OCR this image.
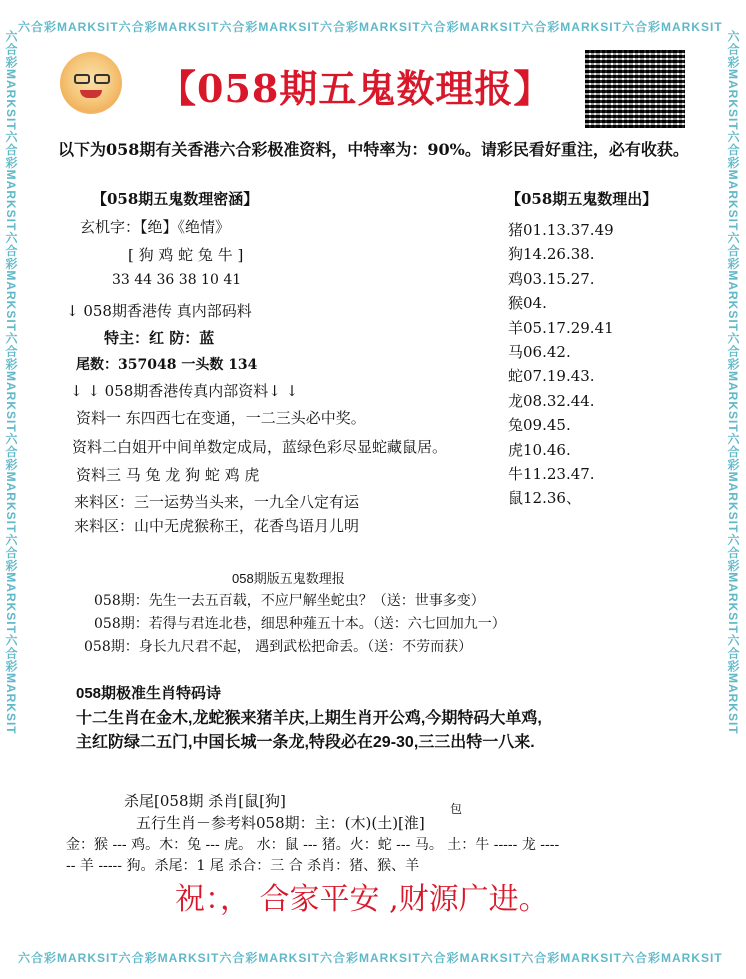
六合彩MARKSIT六合彩MARKSIT六合彩MARKSIT六合彩MARKSIT六合彩MARKSIT六合彩MARKSIT六合彩MARKSIT
六合彩MARKSIT六合彩MARKSIT六合彩MARKSIT六合彩MARKSIT六合彩MARKSIT六合彩MARKSIT六合彩MARKSIT
六合彩MARKSIT六合彩MARKSIT六合彩MARKSIT六合彩MARKSIT六合彩MARKSIT六合彩MARKSIT六合彩MARKSIT	六合彩MARKSIT六合彩MARKSIT六合彩MARKSIT六合彩MARKSIT六合彩MARKSIT六合彩MARKSIT六合彩MARKSIT
【058期五鬼数理报】
以下为058期有关香港六合彩极准资料，中特率为：90%。请彩民看好重注，必有收获。
【058期五鬼数理密涵】
玄机字：【绝】《绝情》
[ 狗 鸡 蛇 兔 牛 ]
33 44 36 38 10 41
↓ 058期香港传 真内部码料
特主：红 防：蓝
尾数：357048 一头数 134
↓ ↓ 058期香港传真内部资料↓ ↓
资料一 东四西七在变通，一二三头必中奖。
资料二白姐开中间单数定成局，蓝绿色彩尽显蛇藏鼠居。
资料三 马 兔 龙 狗 蛇 鸡 虎
来料区：三一运势当头来，一九全八定有运
来料区：山中无虎猴称王，花香鸟语月儿明
【058期五鬼数理出】
猪01.13.37.49
狗14.26.38.
鸡03.15.27.
猴04.
羊05.17.29.41
马06.42.
蛇07.19.43.
龙08.32.44.
兔09.45.
虎10.46.
牛11.23.47.
鼠12.36、
058期版五鬼数理报
058期：先生一去五百载，不应尸解坐蛇虫？（送：世事多变）
058期：若得与君连北巷，细思种薤五十本。（送：六七回加九一）
058期：身长九尺君不起， 遇到武松把命丢。（送：不劳而获）
058期极准生肖特码诗
十二生肖在金木,龙蛇猴来猪羊庆,上期生肖开公鸡,今期特码大单鸡,
主红防绿二五门,中国长城一条龙,特段必在29-30,三三出特一八来.
杀尾[058期 杀肖[鼠[狗]
五行生肖－参考料058期：主：(木)(土)[淮]
包
金：猴 --- 鸡。木：兔 --- 虎。 水：鼠 --- 猪。火：蛇 --- 马。 土：牛 ----- 龙 ----
-- 羊 ----- 狗。杀尾：1 尾 杀合：三 合 杀肖：猪、猴、羊
祝：， 合家平安 ,财源广进。
